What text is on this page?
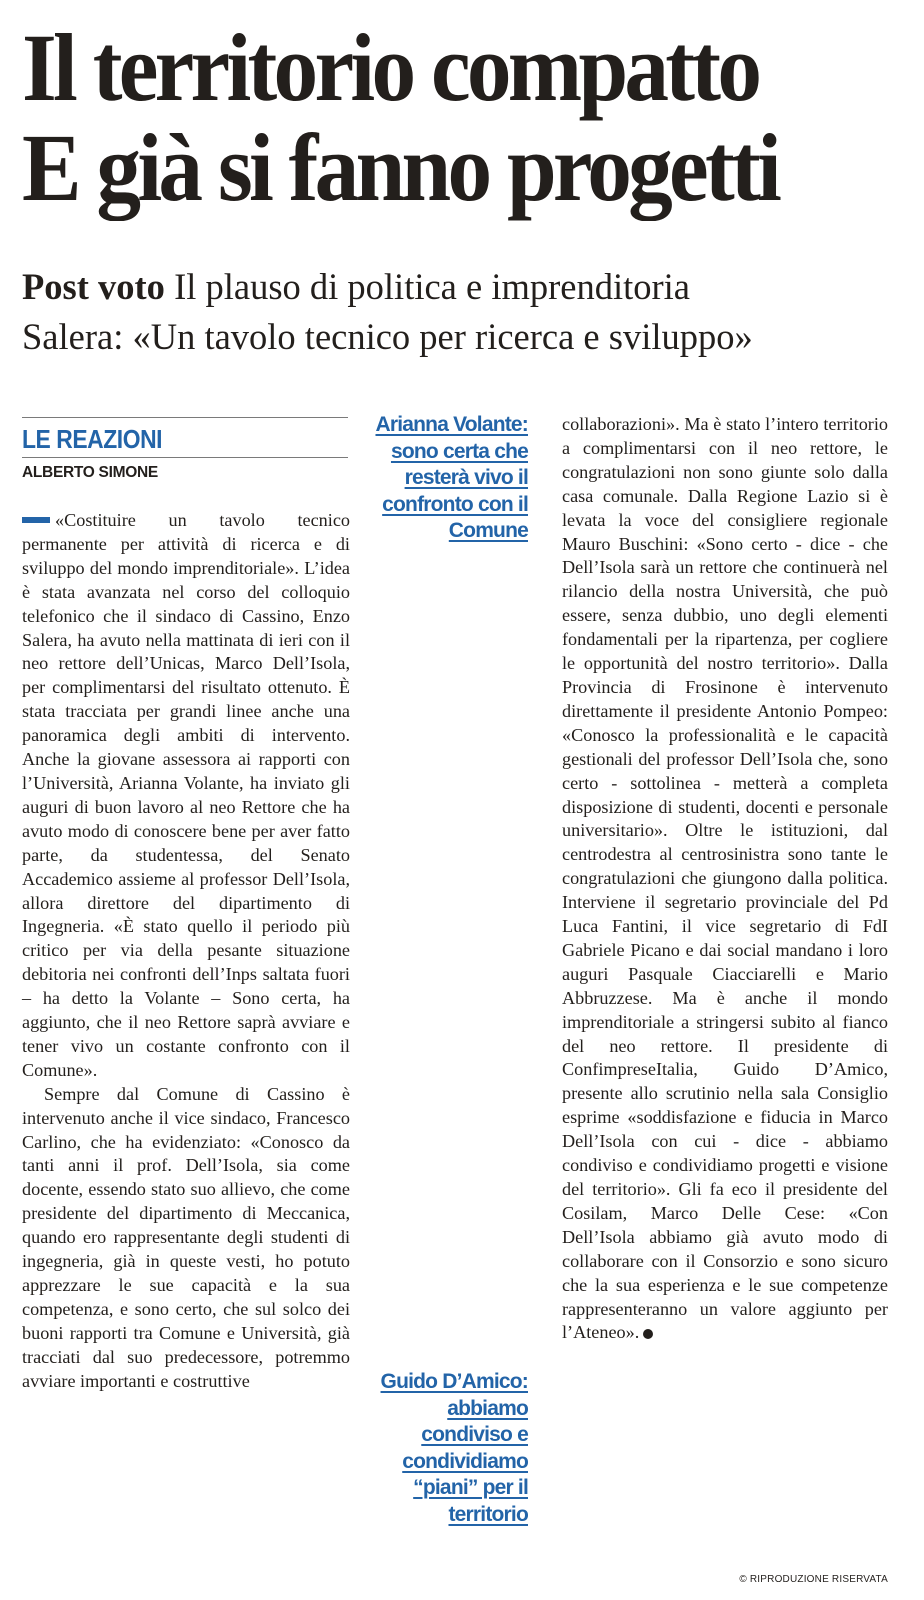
Il territorio compatto
E già si fanno progetti
Post voto Il plauso di politica e imprenditoria
Salera: «Un tavolo tecnico per ricerca e sviluppo»
LE REAZIONI
ALBERTO SIMONE

«Costituire un tavolo tecnico permanente per attività di ricerca e di sviluppo del mondo imprenditoriale». L’idea è stata avanzata nel corso del colloquio telefonico che il sindaco di Cassino, Enzo Salera, ha avuto nella mattinata di ieri con il neo rettore dell’Unicas, Marco Dell’Isola, per complimentarsi del risultato ottenuto. È stata tracciata per grandi linee anche una panoramica degli ambiti di intervento. Anche la giovane assessora ai rapporti con l’Università, Arianna Volante, ha inviato gli auguri di buon lavoro al neo Rettore che ha avuto modo di conoscere bene per aver fatto parte, da studentessa, del Senato Accademico assieme al professor Dell’Isola, allora direttore del dipartimento di Ingegneria. «È stato quello il periodo più critico per via della pesante situazione debitoria nei confronti dell’Inps saltata fuori – ha detto la Volante – Sono certa, ha aggiunto, che il neo Rettore saprà avviare e tener vivo un costante confronto con il Comune».

Sempre dal Comune di Cassino è intervenuto anche il vice sindaco, Francesco Carlino, che ha evidenziato: «Conosco da tanti anni il prof. Dell’Isola, sia come docente, essendo stato suo allievo, che come presidente del dipartimento di Meccanica, quando ero rappresentante degli studenti di ingegneria, già in queste vesti, ho potuto apprezzare le sue capacità e la sua competenza, e sono certo, che sul solco dei buoni rapporti tra Comune e Università, già tracciati dal suo predecessore, potremmo avviare importanti e costruttive

Arianna Volante: sono certa che resterà vivo il confronto con il Comune
Guido D’Amico: abbiamo condiviso e condividiamo “piani” per il territorio

collaborazioni». Ma è stato l’intero territorio a complimentarsi con il neo rettore, le congratulazioni non sono giunte solo dalla casa comunale. Dalla Regione Lazio si è levata la voce del consigliere regionale Mauro Buschini: «Sono certo - dice - che Dell’Isola sarà un rettore che continuerà nel rilancio della nostra Università, che può essere, senza dubbio, uno degli elementi fondamentali per la ripartenza, per cogliere le opportunità del nostro territorio». Dalla Provincia di Frosinone è intervenuto direttamente il presidente Antonio Pompeo: «Conosco la professionalità e le capacità gestionali del professor Dell’Isola che, sono certo - sottolinea - metterà a completa disposizione di studenti, docenti e personale universitario». Oltre le istituzioni, dal centrodestra al centrosinistra sono tante le congratulazioni che giungono dalla politica. Interviene il segretario provinciale del Pd Luca Fantini, il vice segretario di FdI Gabriele Picano e dai social mandano i loro auguri Pasquale Ciacciarelli e Mario Abbruzzese. Ma è anche il mondo imprenditoriale a stringersi subito al fianco del neo rettore. Il presidente di ConfimpreseItalia, Guido D’Amico, presente allo scrutinio nella sala Consiglio esprime «soddisfazione e fiducia in Marco Dell’Isola con cui - dice - abbiamo condiviso e condividiamo progetti e visione del territorio». Gli fa eco il presidente del Cosilam, Marco Delle Cese: «Con Dell’Isola abbiamo già avuto modo di collaborare con il Consorzio e sono sicuro che la sua esperienza e le sue competenze rappresenteranno un valore aggiunto per l’Ateneo».

© RIPRODUZIONE RISERVATA
